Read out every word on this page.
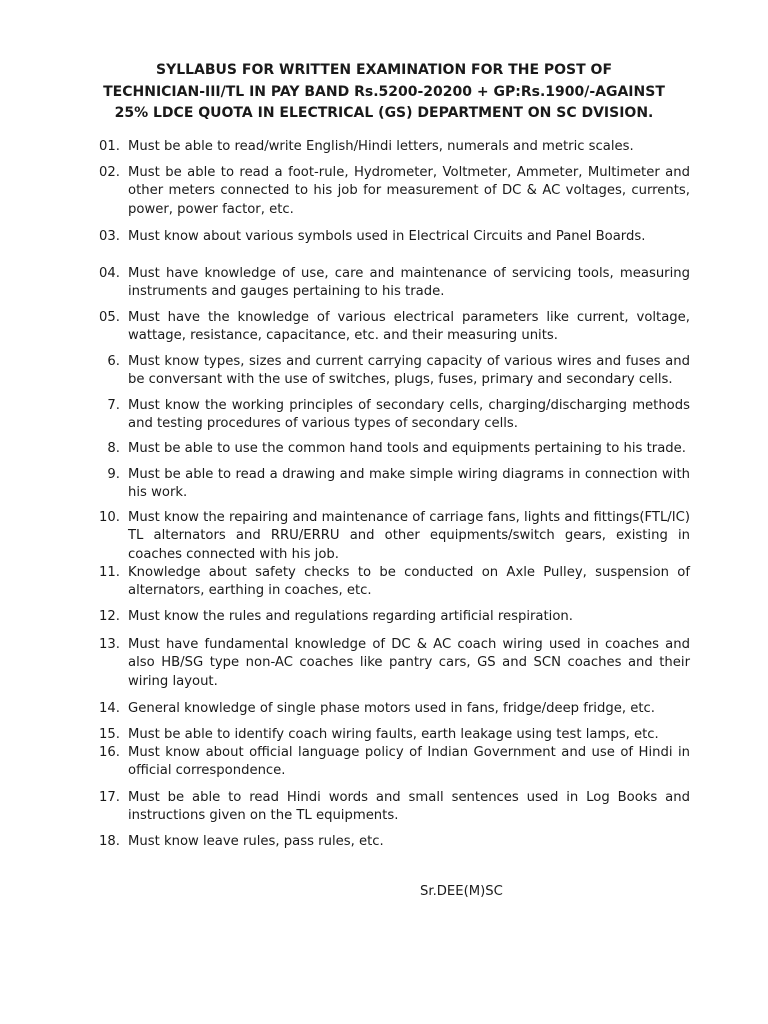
SYLLABUS FOR WRITTEN EXAMINATION FOR THE POST OF
TECHNICIAN-III/TL IN PAY BAND Rs.5200-20200 + GP:Rs.1900/-AGAINST
25% LDCE QUOTA IN ELECTRICAL (GS) DEPARTMENT ON SC DVISION.
01. Must be able to read/write English/Hindi letters, numerals and metric scales.
02. Must be able to read a foot-rule, Hydrometer, Voltmeter, Ammeter, Multimeter and other meters connected to his job for measurement of DC & AC voltages, currents, power, power factor, etc.
03. Must know about various symbols used in Electrical Circuits and Panel Boards.
04. Must have knowledge of use, care and maintenance of servicing tools, measuring instruments and gauges pertaining to his trade.
05. Must have the knowledge of various electrical parameters like current, voltage, wattage, resistance, capacitance, etc. and their measuring units.
6. Must know types, sizes and current carrying capacity of various wires and fuses and be conversant with the use of switches, plugs, fuses, primary and secondary cells.
7. Must know the working principles of secondary cells, charging/discharging methods and testing procedures of various types of secondary cells.
8. Must be able to use the common hand tools and equipments pertaining to his trade.
9. Must be able to read a drawing and make simple wiring diagrams in connection with his work.
10. Must know the repairing and maintenance of carriage fans, lights and fittings(FTL/IC) TL alternators and RRU/ERRU and other equipments/switch gears, existing in coaches connected with his job.
11. Knowledge about safety checks to be conducted on Axle Pulley, suspension of alternators, earthing in coaches, etc.
12. Must know the rules and regulations regarding artificial respiration.
13. Must have fundamental knowledge of DC & AC coach wiring used in coaches and also HB/SG type non-AC coaches like pantry cars, GS and SCN coaches and their wiring layout.
14. General knowledge of single phase motors used in fans, fridge/deep fridge, etc.
15. Must be able to identify coach wiring faults, earth leakage using test lamps, etc.
16. Must know about official language policy of Indian Government and use of Hindi in official correspondence.
17. Must be able to read Hindi words and small sentences used in Log Books and instructions given on the TL equipments.
18. Must know leave rules, pass rules, etc.
Sr.DEE(M)SC
